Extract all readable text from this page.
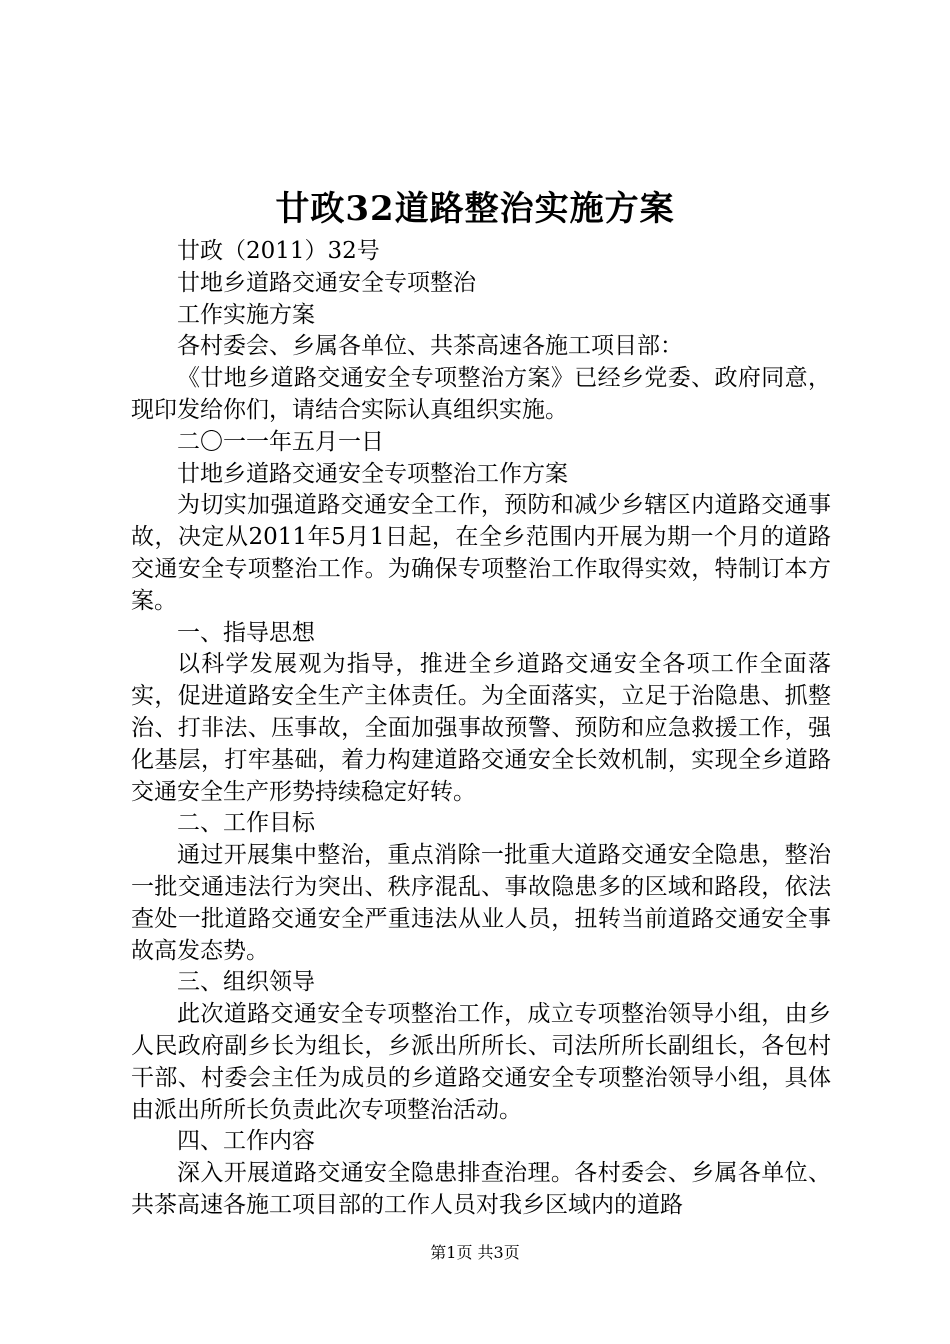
廿政32道路整治实施方案

廿政（2011）32号

廿地乡道路交通安全专项整治

工作实施方案

各村委会、乡属各单位、共茶高速各施工项目部：

《廿地乡道路交通安全专项整治方案》已经乡党委、政府同意，现印发给你们，请结合实际认真组织实施。

二〇一一年五月一日

廿地乡道路交通安全专项整治工作方案

为切实加强道路交通安全工作，预防和减少乡辖区内道路交通事故，决定从2011年5月1日起，在全乡范围内开展为期一个月的道路交通安全专项整治工作。为确保专项整治工作取得实效，特制订本方案。

一、指导思想

以科学发展观为指导，推进全乡道路交通安全各项工作全面落实，促进道路安全生产主体责任。为全面落实，立足于治隐患、抓整治、打非法、压事故，全面加强事故预警、预防和应急救援工作，强化基层，打牢基础，着力构建道路交通安全长效机制，实现全乡道路交通安全生产形势持续稳定好转。

二、工作目标

通过开展集中整治，重点消除一批重大道路交通安全隐患，整治一批交通违法行为突出、秩序混乱、事故隐患多的区域和路段，依法查处一批道路交通安全严重违法从业人员，扭转当前道路交通安全事故高发态势。

三、组织领导

此次道路交通安全专项整治工作，成立专项整治领导小组，由乡人民政府副乡长为组长，乡派出所所长、司法所所长副组长，各包村干部、村委会主任为成员的乡道路交通安全专项整治领导小组，具体由派出所所长负责此次专项整治活动。

四、工作内容

深入开展道路交通安全隐患排查治理。各村委会、乡属各单位、共茶高速各施工项目部的工作人员对我乡区域内的道路

第1页 共3页
